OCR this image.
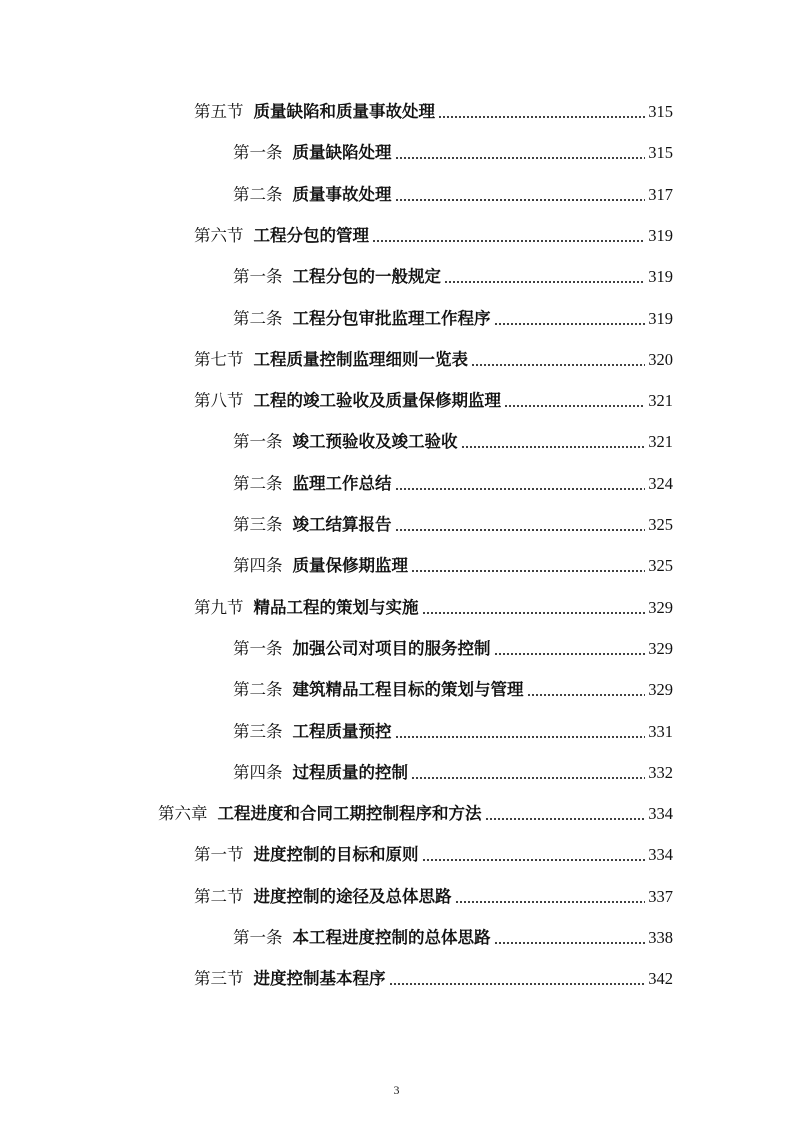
第五节 质量缺陷和质量事故处理	315
第一条 质量缺陷处理	315
第二条 质量事故处理	317
第六节 工程分包的管理	319
第一条 工程分包的一般规定	319
第二条 工程分包审批监理工作程序	319
第七节 工程质量控制监理细则一览表	320
第八节 工程的竣工验收及质量保修期监理	321
第一条 竣工预验收及竣工验收	321
第二条 监理工作总结	324
第三条 竣工结算报告	325
第四条 质量保修期监理	325
第九节 精品工程的策划与实施	329
第一条 加强公司对项目的服务控制	329
第二条 建筑精品工程目标的策划与管理	329
第三条 工程质量预控	331
第四条 过程质量的控制	332
第六章 工程进度和合同工期控制程序和方法	334
第一节 进度控制的目标和原则	334
第二节 进度控制的途径及总体思路	337
第一条 本工程进度控制的总体思路	338
第三节 进度控制基本程序	342
3
